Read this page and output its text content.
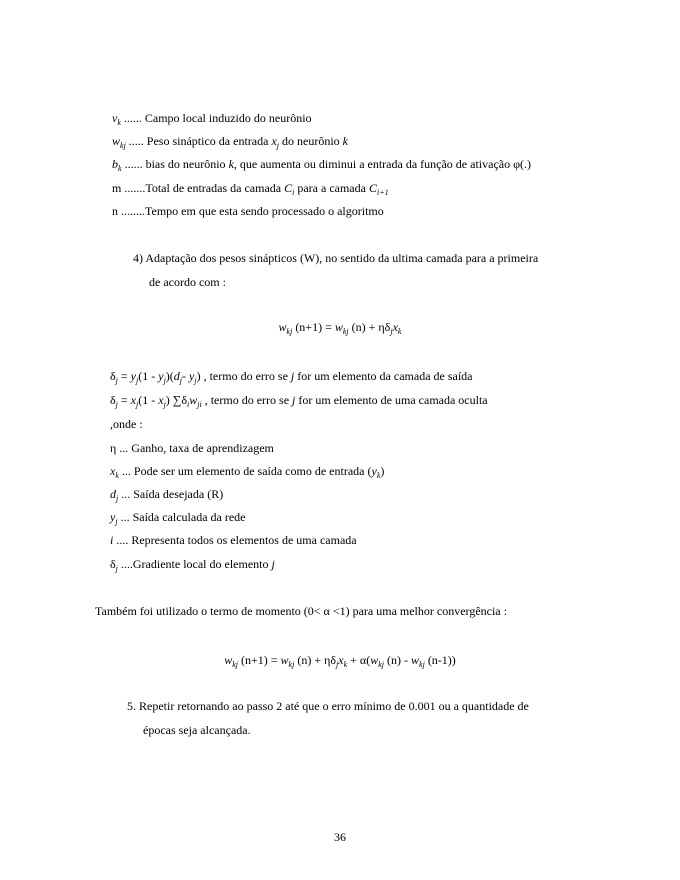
$v_k$ ...... Campo local induzido do neurônio
$w_{kj}$ ..... Peso sináptico da entrada $x_j$ do neurônio k
$b_k$ ...... bias do neurônio k, que aumenta ou diminui a entrada da função de ativação φ(.)
m .......Total de entradas da camada $C_i$ para a camada $C_{i+1}$
n ........Tempo em que esta sendo processado o algoritmo
4) Adaptação dos pesos sinápticos (W), no sentido da ultima camada para a primeira
de acordo com :
$w_{kj}$ $(n+1) = w_{kj}$ $(n) + \eta\delta_jx_k$
$\delta_j = y_j(1 - y_j)(d_j-$ $y_j$) , termo do erro se j for um elemento da camada de saída
$\delta_j = x_j(1 - x_j)$ $\sum\delta_iw_{ji}$ , termo do erro se j for um elemento de uma camada oculta
,onde :
η ... Ganho, taxa de aprendizagem
$x_k$ ... Pode ser um elemento de saída como de entrada $(y_k)$
$d_j$ ... Saída desejada (R)
$y_j$ ... Saída calculada da rede
i .... Representa todos os elementos de uma camada
$\delta_j$ ....Gradiente local do elemento j
Também foi utilizado o termo de momento (0< α <1) para uma melhor convergência :
$w_{kj}$ $(n+1) = w_{kj}$ $(n) + \eta\delta_jx_k + \alpha(w_{kj}$ $(n) - w_{kj}$ (n-1))
5. Repetir retornando ao passo 2 até que o erro mínimo de 0.001 ou a quantidade de
épocas seja alcançada.
36
